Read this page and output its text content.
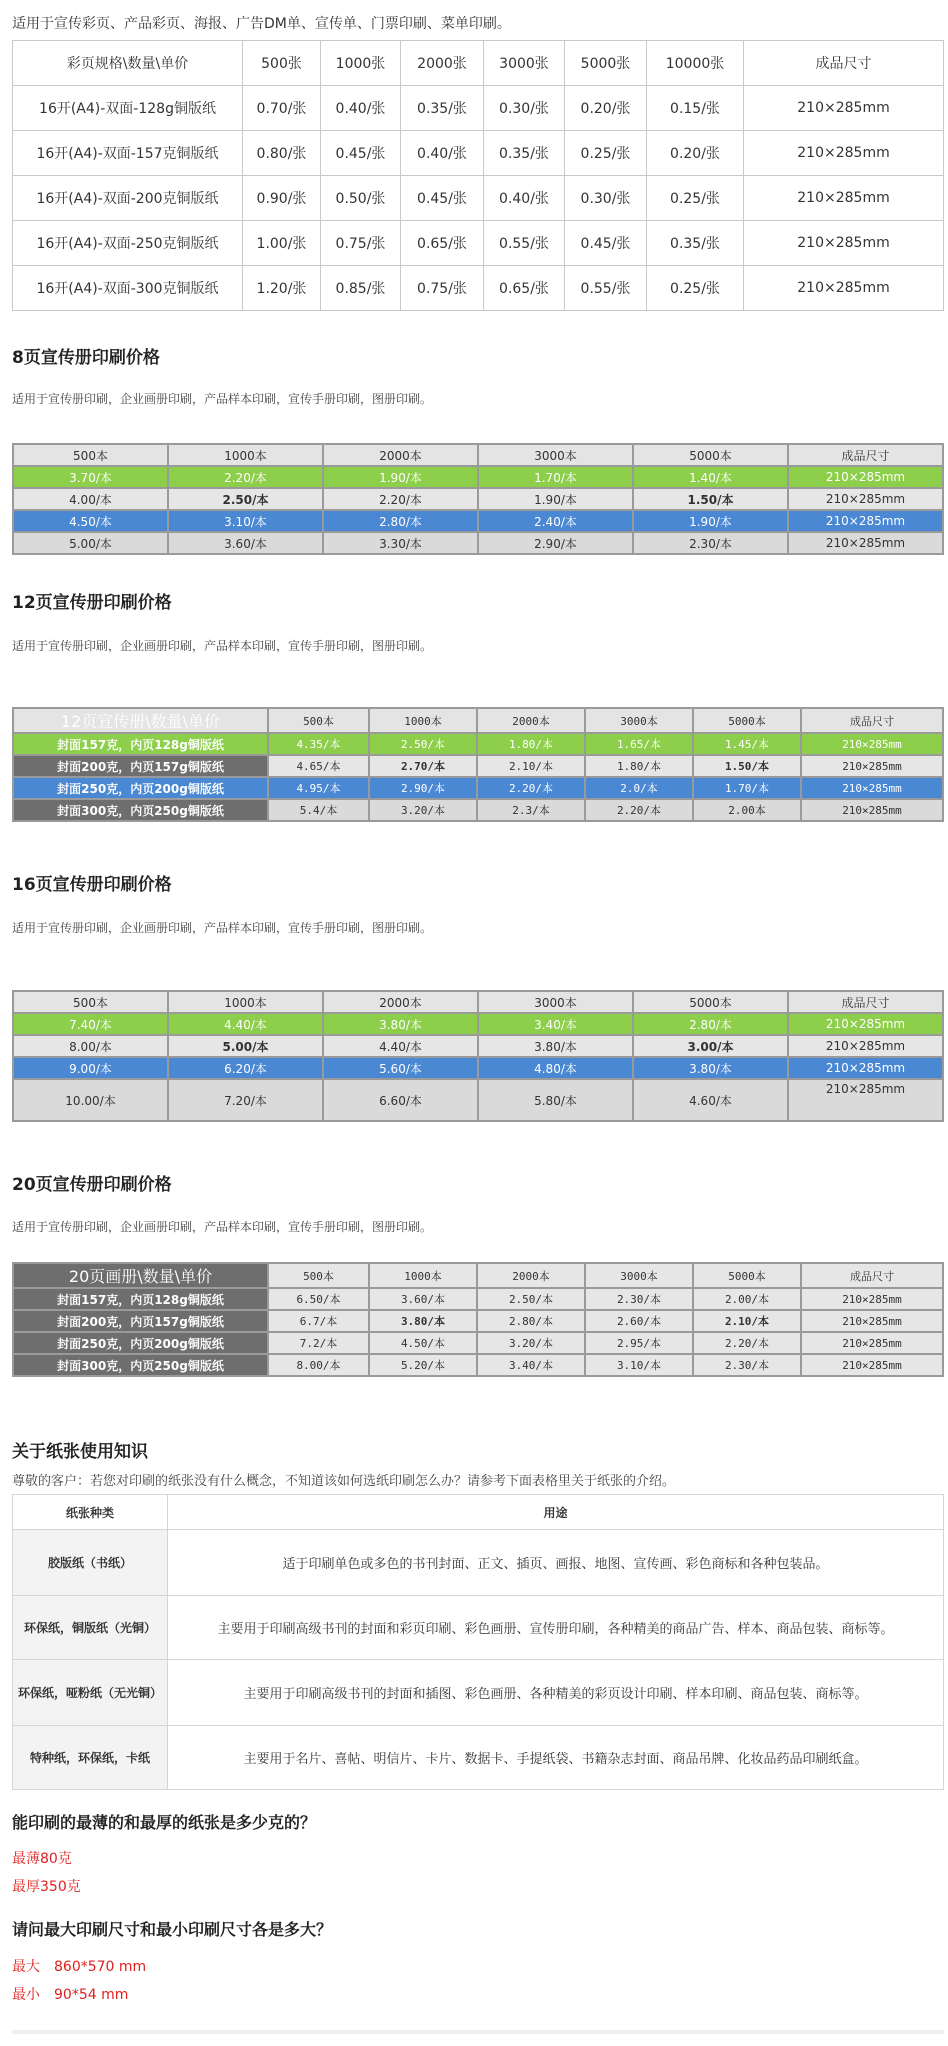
适用于宣传彩页、产品彩页、海报、广告DM单、宣传单、门票印刷、菜单印刷。
彩页规格\数量\单价	500张	1000张	2000张	3000张	5000张	10000张	成品尺寸
16开(A4)-双面-128g铜版纸	0.70/张	0.40/张	0.35/张	0.30/张	0.20/张	0.15/张	210×285mm
16开(A4)-双面-157克铜版纸	0.80/张	0.45/张	0.40/张	0.35/张	0.25/张	0.20/张	210×285mm
16开(A4)-双面-200克铜版纸	0.90/张	0.50/张	0.45/张	0.40/张	0.30/张	0.25/张	210×285mm
16开(A4)-双面-250克铜版纸	1.00/张	0.75/张	0.65/张	0.55/张	0.45/张	0.35/张	210×285mm
16开(A4)-双面-300克铜版纸	1.20/张	0.85/张	0.75/张	0.65/张	0.55/张	0.25/张	210×285mm
8页宣传册印刷价格
适用于宣传册印刷，企业画册印刷，产品样本印刷，宣传手册印刷，图册印刷。
500本	1000本	2000本	3000本	5000本	成品尺寸
3.70/本	2.20/本	1.90/本	1.70/本	1.40/本	210×285mm
4.00/本	2.50/本	2.20/本	1.90/本	1.50/本	210×285mm
4.50/本	3.10/本	2.80/本	2.40/本	1.90/本	210×285mm
5.00/本	3.60/本	3.30/本	2.90/本	2.30/本	210×285mm
12页宣传册印刷价格
适用于宣传册印刷，企业画册印刷，产品样本印刷，宣传手册印刷，图册印刷。
12页宣传册\数量\单价	500本	1000本	2000本	3000本	5000本	成品尺寸
封面157克，内页128g铜版纸	4.35/本	2.50/本	1.80/本	1.65/本	1.45/本	210×285mm
封面200克，内页157g铜版纸	4.65/本	2.70/本	2.10/本	1.80/本	1.50/本	210×285mm
封面250克，内页200g铜版纸	4.95/本	2.90/本	2.20/本	2.0/本	1.70/本	210×285mm
封面300克，内页250g铜版纸	5.4/本	3.20/本	2.3/本	2.20/本	2.00本	210×285mm
16页宣传册印刷价格
适用于宣传册印刷，企业画册印刷，产品样本印刷，宣传手册印刷，图册印刷。
500本	1000本	2000本	3000本	5000本	成品尺寸
7.40/本	4.40/本	3.80/本	3.40/本	2.80/本	210×285mm
8.00/本	5.00/本	4.40/本	3.80/本	3.00/本	210×285mm
9.00/本	6.20/本	5.60/本	4.80/本	3.80/本	210×285mm
10.00/本	7.20/本	6.60/本	5.80/本	4.60/本	210×285mm
20页宣传册印刷价格
适用于宣传册印刷，企业画册印刷，产品样本印刷，宣传手册印刷，图册印刷。
20页画册\数量\单价	500本	1000本	2000本	3000本	5000本	成品尺寸
封面157克，内页128g铜版纸	6.50/本	3.60/本	2.50/本	2.30/本	2.00/本	210×285mm
封面200克，内页157g铜版纸	6.7/本	3.80/本	2.80/本	2.60/本	2.10/本	210×285mm
封面250克，内页200g铜版纸	7.2/本	4.50/本	3.20/本	2.95/本	2.20/本	210×285mm
封面300克，内页250g铜版纸	8.00/本	5.20/本	3.40/本	3.10/本	2.30/本	210×285mm
关于纸张使用知识
尊敬的客户：若您对印刷的纸张没有什么概念，不知道该如何选纸印刷怎么办？请参考下面表格里关于纸张的介绍。
纸张种类	用途
胶版纸（书纸）	适于印刷单色或多色的书刊封面、正文、插页、画报、地图、宣传画、彩色商标和各种包装品。
环保纸，铜版纸（光铜）	主要用于印刷高级书刊的封面和彩页印刷、彩色画册、宣传册印刷，各种精美的商品广告、样本、商品包装、商标等。
环保纸，哑粉纸（无光铜）	主要用于印刷高级书刊的封面和插图、彩色画册、各种精美的彩页设计印刷、样本印刷、商品包装、商标等。
特种纸，环保纸，卡纸	主要用于名片、喜帖、明信片、卡片、数据卡、手提纸袋、书籍杂志封面、商品吊牌、化妆品药品印刷纸盒。
能印刷的最薄的和最厚的纸张是多少克的？
最薄80克
最厚350克
请问最大印刷尺寸和最小印刷尺寸各是多大？
最大　860*570 mm
最小　90*54 mm
